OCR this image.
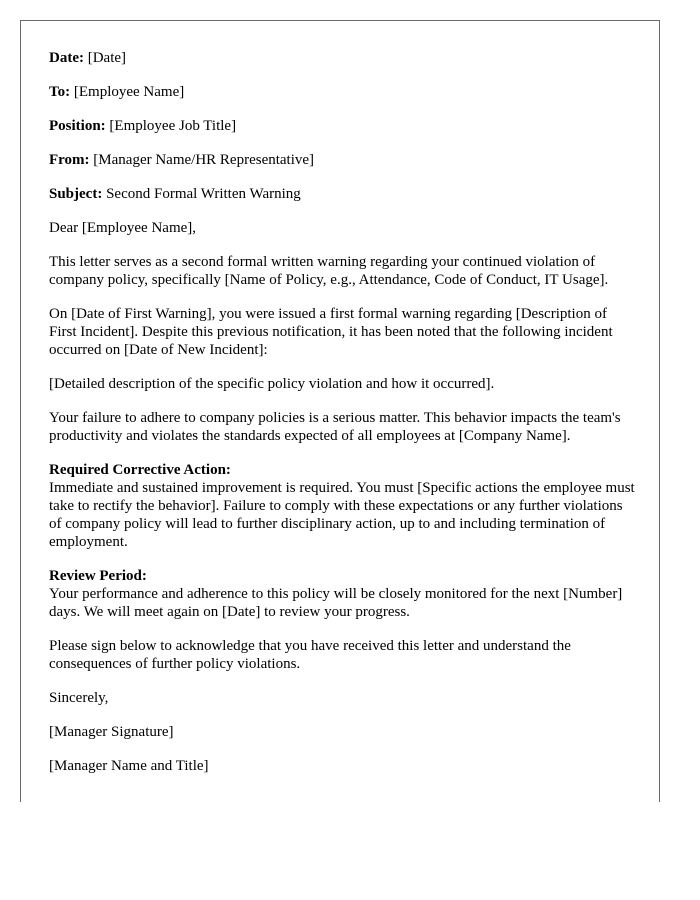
Date: [Date]

To: [Employee Name]

Position: [Employee Job Title]

From: [Manager Name/HR Representative]

Subject: Second Formal Written Warning

Dear [Employee Name],

This letter serves as a second formal written warning regarding your continued violation of company policy, specifically [Name of Policy, e.g., Attendance, Code of Conduct, IT Usage].

On [Date of First Warning], you were issued a first formal warning regarding [Description of First Incident]. Despite this previous notification, it has been noted that the following incident occurred on [Date of New Incident]:

[Detailed description of the specific policy violation and how it occurred].

Your failure to adhere to company policies is a serious matter. This behavior impacts the team's productivity and violates the standards expected of all employees at [Company Name].

Required Corrective Action:
Immediate and sustained improvement is required. You must [Specific actions the employee must take to rectify the behavior]. Failure to comply with these expectations or any further violations of company policy will lead to further disciplinary action, up to and including termination of employment.

Review Period:
Your performance and adherence to this policy will be closely monitored for the next [Number] days. We will meet again on [Date] to review your progress.

Please sign below to acknowledge that you have received this letter and understand the consequences of further policy violations.

Sincerely,

[Manager Signature]

[Manager Name and Title]
